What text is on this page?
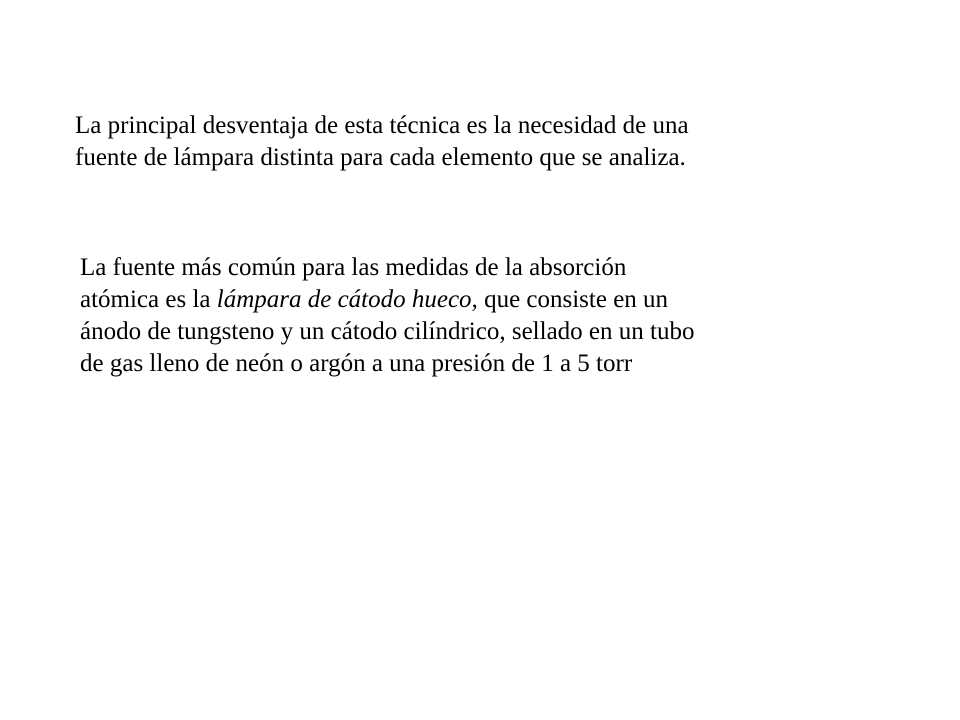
La principal desventaja de esta técnica es la necesidad de una
fuente de lámpara distinta para cada elemento que se analiza.
La fuente más común para las medidas de la absorción
atómica es la lámpara de cátodo hueco, que consiste en un
ánodo de tungsteno y un cátodo cilíndrico, sellado en un tubo
de gas lleno de neón o argón a una presión de 1 a 5 torr
